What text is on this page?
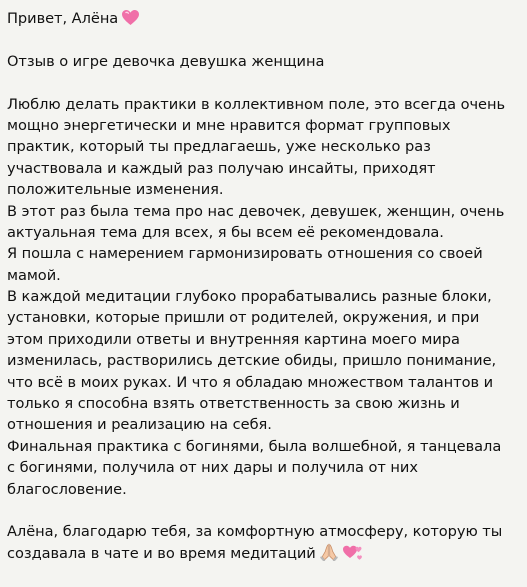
Привет, Алёна
Отзыв о игре девочка девушка женщина
Люблю делать практики в коллективном поле, это всегда очень
мощно энергетически и мне нравится формат групповых
практик, который ты предлагаешь, уже несколько раз
участвовала и каждый раз получаю инсайты, приходят
положительные изменения.
В этот раз была тема про нас девочек, девушек, женщин, очень
актуальная тема для всех, я бы всем её рекомендовала.
Я пошла с намерением гармонизировать отношения со своей
мамой.
В каждой медитации глубоко прорабатывались разные блоки,
установки, которые пришли от родителей, окружения, и при
этом приходили ответы и внутренняя картина моего мира
изменилась, растворились детские обиды, пришло понимание,
что всё в моих руках. И что я обладаю множеством талантов и
только я способна взять ответственность за свою жизнь и
отношения и реализацию на себя.
Финальная практика с богинями, была волшебной, я танцевала
с богинями, получила от них дары и получила от них
благословение.
Алёна, благодарю тебя, за комфортную атмосферу, которую ты
создавала в чате и во время медитаций
